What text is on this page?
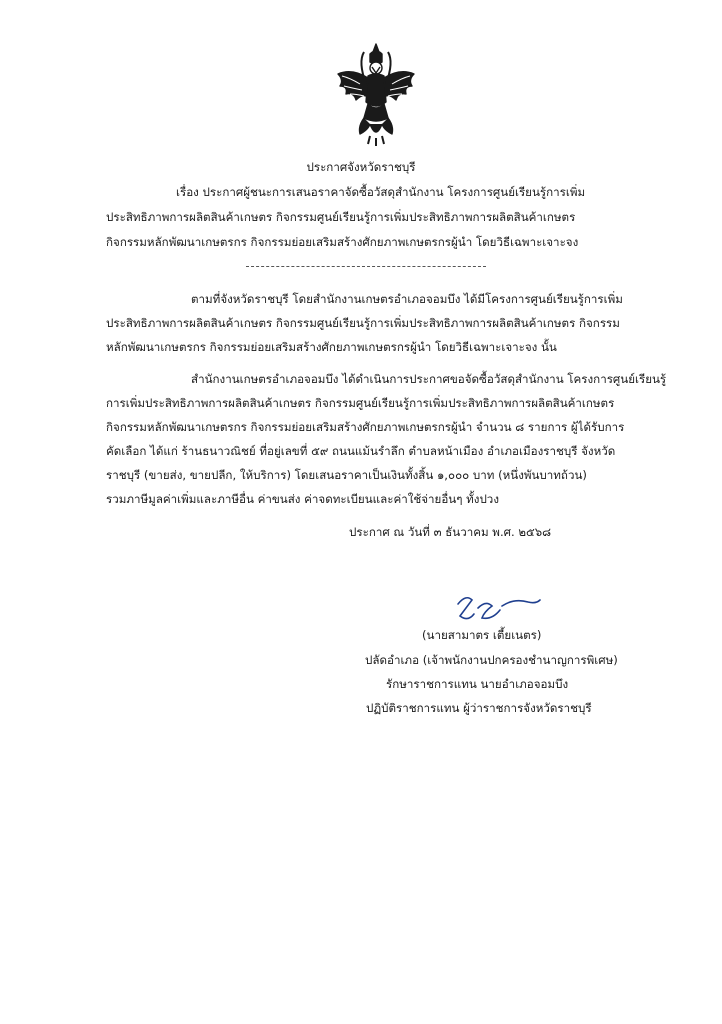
ประกาศจังหวัดราชบุรี
เรื่อง ประกาศผู้ชนะการเสนอราคาจัดซื้อวัสดุสำนักงาน โครงการศูนย์เรียนรู้การเพิ่ม
ประสิทธิภาพการผลิตสินค้าเกษตร กิจกรรมศูนย์เรียนรู้การเพิ่มประสิทธิภาพการผลิตสินค้าเกษตร
กิจกรรมหลักพัฒนาเกษตรกร กิจกรรมย่อยเสริมสร้างศักยภาพเกษตรกรผู้นำ โดยวิธีเฉพาะเจาะจง
ตามที่จังหวัดราชบุรี โดยสำนักงานเกษตรอำเภอจอมบึง ได้มีโครงการศูนย์เรียนรู้การเพิ่ม
ประสิทธิภาพการผลิตสินค้าเกษตร กิจกรรมศูนย์เรียนรู้การเพิ่มประสิทธิภาพการผลิตสินค้าเกษตร กิจกรรม
หลักพัฒนาเกษตรกร กิจกรรมย่อยเสริมสร้างศักยภาพเกษตรกรผู้นำ โดยวิธีเฉพาะเจาะจง นั้น
สำนักงานเกษตรอำเภอจอมบึง ได้ดำเนินการประกาศขอจัดซื้อวัสดุสำนักงาน โครงการศูนย์เรียนรู้
การเพิ่มประสิทธิภาพการผลิตสินค้าเกษตร กิจกรรมศูนย์เรียนรู้การเพิ่มประสิทธิภาพการผลิตสินค้าเกษตร
กิจกรรมหลักพัฒนาเกษตรกร กิจกรรมย่อยเสริมสร้างศักยภาพเกษตรกรผู้นำ จำนวน ๘ รายการ ผู้ได้รับการ
คัดเลือก ได้แก่ ร้านธนาวณิชย์ ที่อยู่เลขที่ ๕๙ ถนนแม้นรำลึก ตำบลหน้าเมือง อำเภอเมืองราชบุรี จังหวัด
ราชบุรี (ขายส่ง, ขายปลีก, ให้บริการ) โดยเสนอราคาเป็นเงินทั้งสิ้น ๑,๐๐๐ บาท (หนึ่งพันบาทถ้วน)
รวมภาษีมูลค่าเพิ่มและภาษีอื่น ค่าขนส่ง ค่าจดทะเบียนและค่าใช้จ่ายอื่นๆ ทั้งปวง
ประกาศ ณ วันที่ ๓ ธันวาคม พ.ศ. ๒๕๖๘
(นายสามาตร เตี้ยเนตร)
ปลัดอำเภอ (เจ้าพนักงานปกครองชำนาญการพิเศษ)
รักษาราชการแทน นายอำเภอจอมบึง
ปฏิบัติราชการแทน ผู้ว่าราชการจังหวัดราชบุรี
